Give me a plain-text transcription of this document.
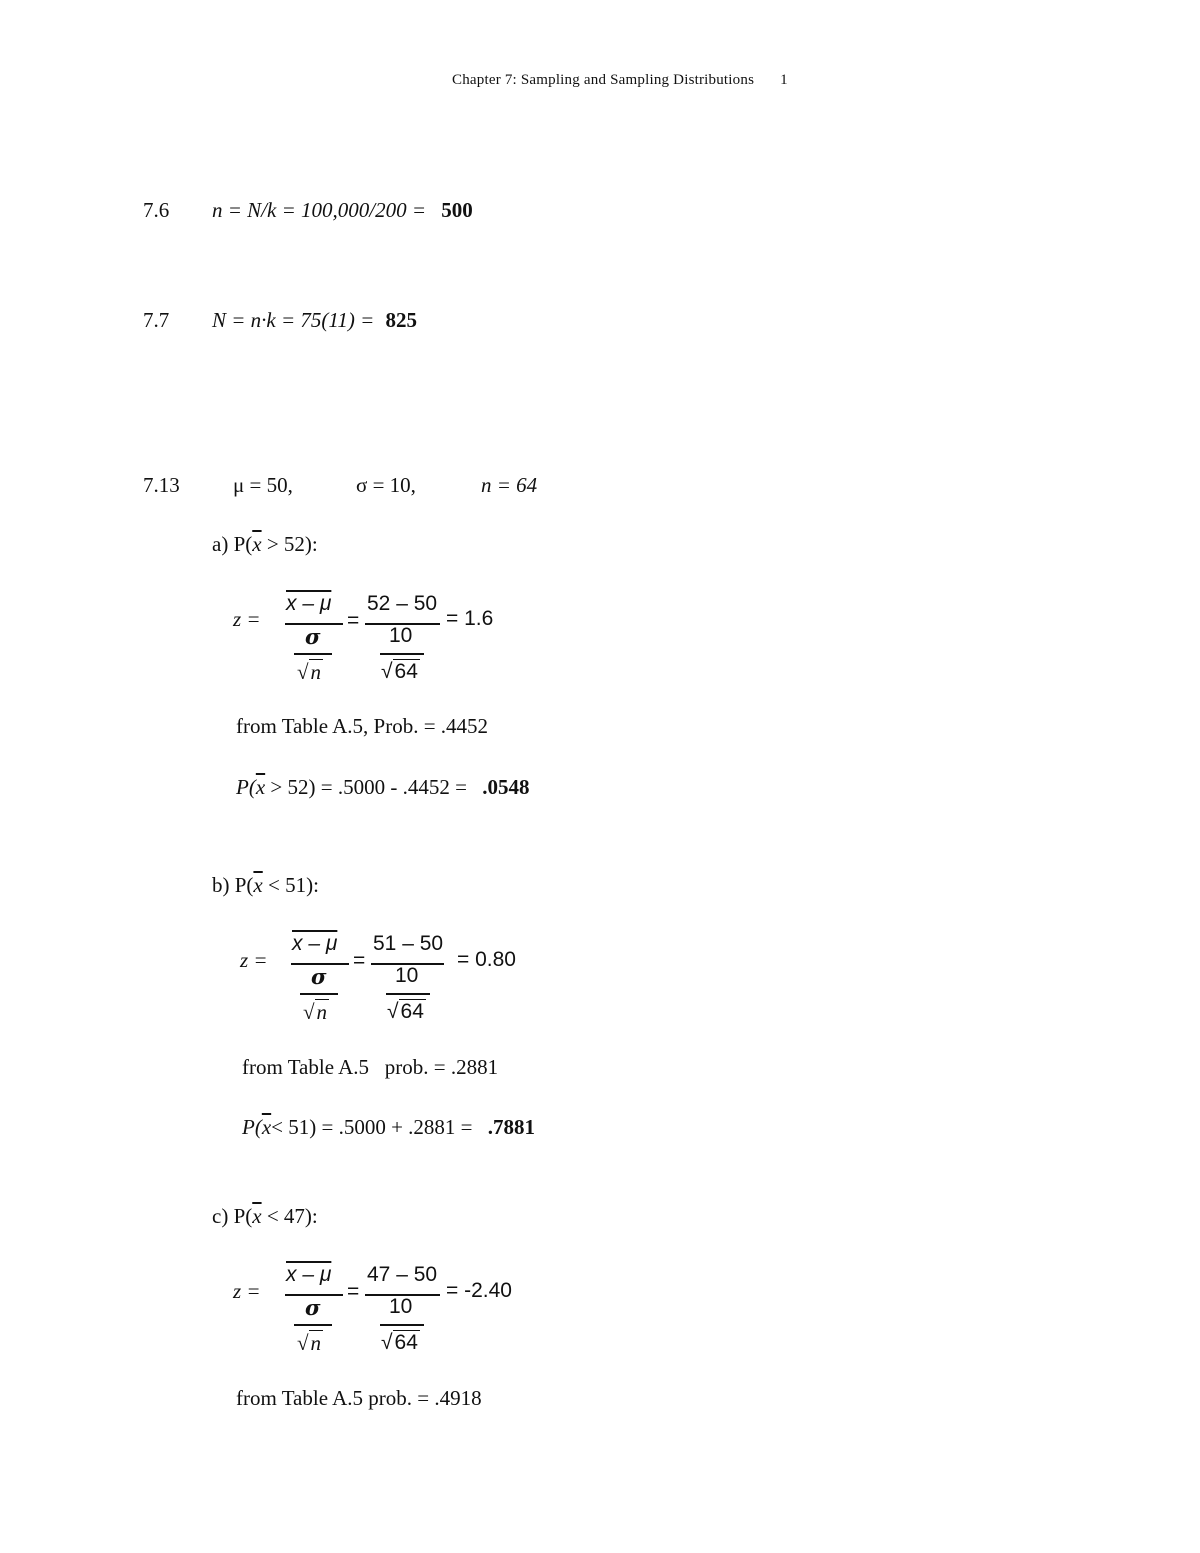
Chapter 7: Sampling and Sampling Distributions 1
7.6 n = N/k = 100,000/200 = 500
7.7 N = n·k = 75(11) = 825
7.13	μ = 50,	σ = 10,	n = 64
a) $P(\overline{x} > 52)$:
z =
x – μ
σ
√n
=
52 – 50
10
√64
= 1.6
from Table A.5, Prob. = .4452
$P(\overline{x} > 52) = .5000 - .4452 = .0548$
b) $P(\overline{x} < 51)$:
z =
x – μ
σ
√n
=
51 – 50
10
√64
= 0.80
from Table A.5   prob. = .2881
$P(\overline{x}< 51) = .5000 + .2881 = .7881$
c) $P(\overline{x} < 47)$:
z =
x – μ
σ
√n
=
47 – 50
10
√64
= -2.40
from Table A.5 prob. = .4918
